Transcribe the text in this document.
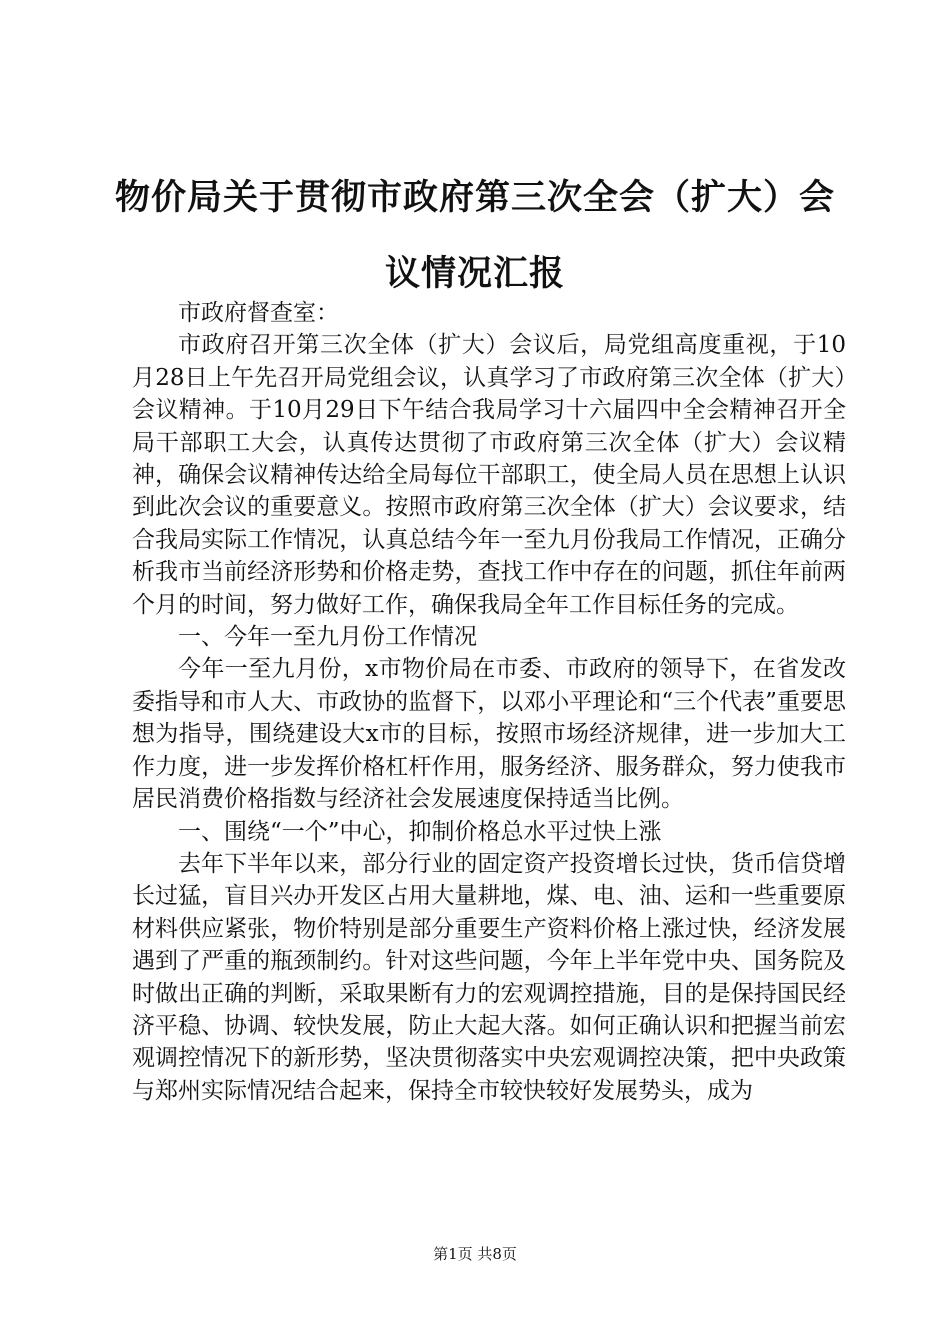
物价局关于贯彻市政府第三次全会（扩大）会议情况汇报

市政府督查室：

市政府召开第三次全体（扩大）会议后，局党组高度重视，于10月28日上午先召开局党组会议，认真学习了市政府第三次全体（扩大）会议精神。于10月29日下午结合我局学习十六届四中全会精神召开全局干部职工大会，认真传达贯彻了市政府第三次全体（扩大）会议精神，确保会议精神传达给全局每位干部职工，使全局人员在思想上认识到此次会议的重要意义。按照市政府第三次全体（扩大）会议要求，结合我局实际工作情况，认真总结今年一至九月份我局工作情况，正确分析我市当前经济形势和价格走势，查找工作中存在的问题，抓住年前两个月的时间，努力做好工作，确保我局全年工作目标任务的完成。

一、今年一至九月份工作情况

今年一至九月份，x市物价局在市委、市政府的领导下，在省发改委指导和市人大、市政协的监督下，以邓小平理论和“三个代表”重要思想为指导，围绕建设大x市的目标，按照市场经济规律，进一步加大工作力度，进一步发挥价格杠杆作用，服务经济、服务群众，努力使我市居民消费价格指数与经济社会发展速度保持适当比例。

一、围绕“一个”中心，抑制价格总水平过快上涨

去年下半年以来，部分行业的固定资产投资增长过快，货币信贷增长过猛，盲目兴办开发区占用大量耕地，煤、电、油、运和一些重要原材料供应紧张，物价特别是部分重要生产资料价格上涨过快，经济发展遇到了严重的瓶颈制约。针对这些问题，今年上半年党中央、国务院及时做出正确的判断，采取果断有力的宏观调控措施，目的是保持国民经济平稳、协调、较快发展，防止大起大落。如何正确认识和把握当前宏观调控情况下的新形势，坚决贯彻落实中央宏观调控决策，把中央政策与郑州实际情况结合起来，保持全市较快较好发展势头，成为

第1页 共8页
